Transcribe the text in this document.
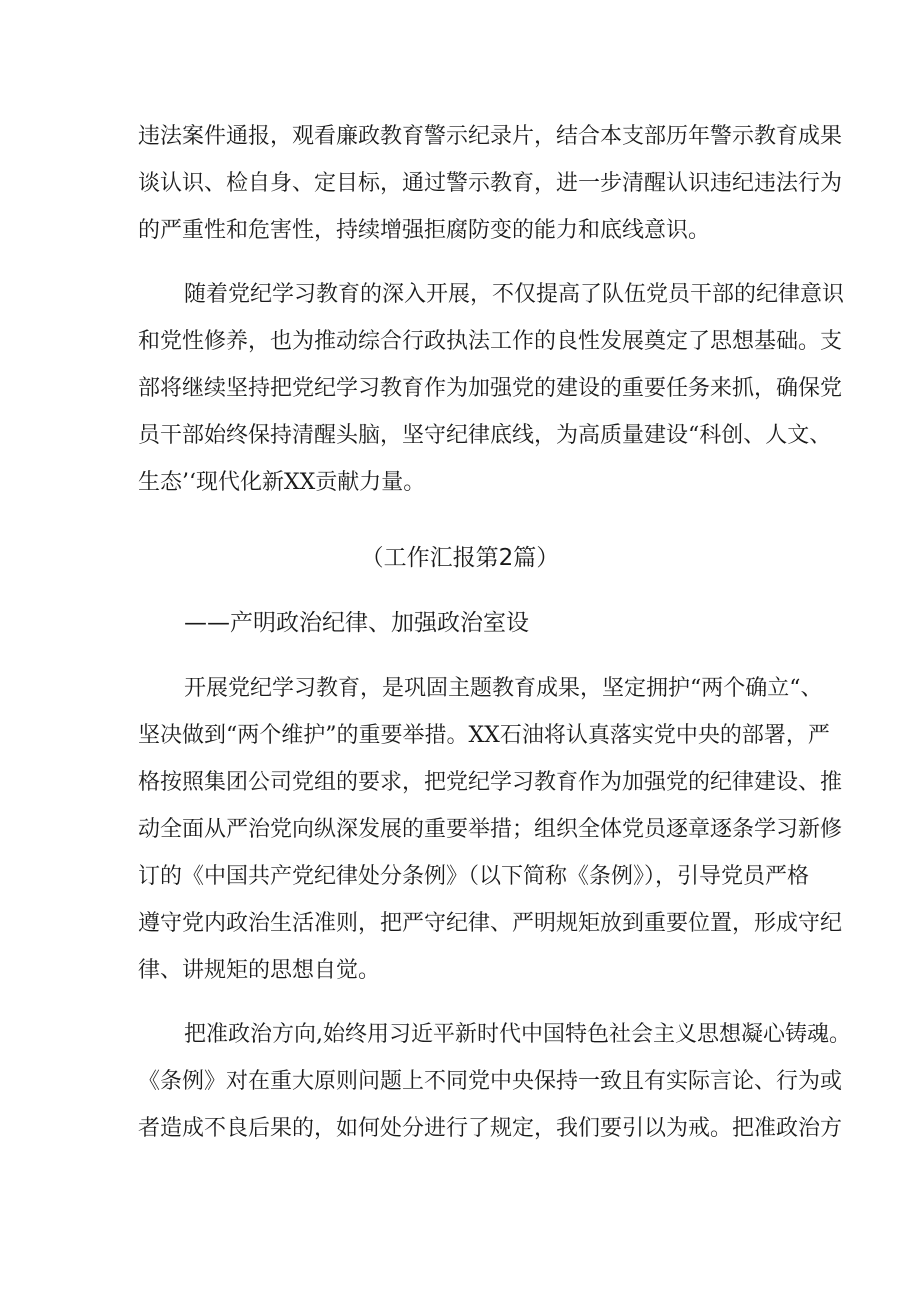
违法案件通报，观看廉政教育警示纪录片，结合本支部历年警示教育成果
谈认识、检自身、定目标，通过警示教育，进一步清醒认识违纪违法行为
的严重性和危害性，持续增强拒腐防变的能力和底线意识。
随着党纪学习教育的深入开展，不仅提高了队伍党员干部的纪律意识
和党性修养，也为推动综合行政执法工作的良性发展奠定了思想基础。支
部将继续坚持把党纪学习教育作为加强党的建设的重要任务来抓，确保党
员干部始终保持清醒头脑，坚守纪律底线，为高质量建设“科创、人文、
生态’‘现代化新XX贡献力量。
（工作汇报第2篇）
——产明政治纪律、加强政治室设
开展党纪学习教育，是巩固主题教育成果，坚定拥护“两个确立“、
坚决做到“两个维护”的重要举措。XX石油将认真落实党中央的部署，严
格按照集团公司党组的要求，把党纪学习教育作为加强党的纪律建设、推
动全面从严治党向纵深发展的重要举措；组织全体党员逐章逐条学习新修
订的《中国共产党纪律处分条例》（以下简称《条例》），引导党员严格
遵守党内政治生活准则，把严守纪律、严明规矩放到重要位置，形成守纪
律、讲规矩的思想自觉。
把准政治方向,始终用习近平新时代中国特色社会主义思想凝心铸魂。
《条例》对在重大原则问题上不同党中央保持一致且有实际言论、行为或
者造成不良后果的，如何处分进行了规定，我们要引以为戒。把准政治方
